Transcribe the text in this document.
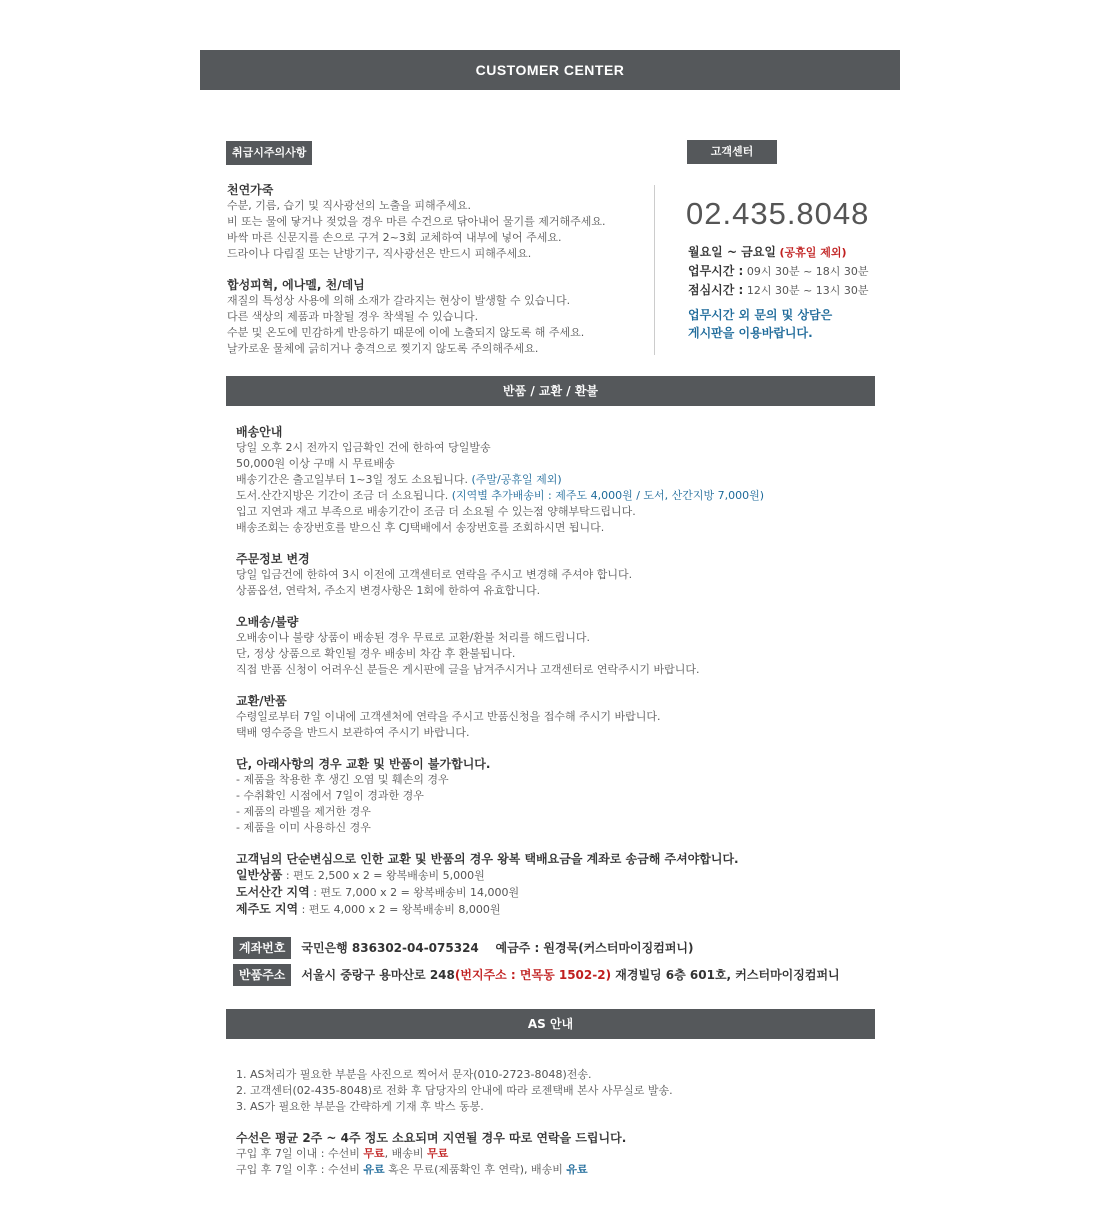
CUSTOMER CENTER
취급시주의사항

천연가죽

수분, 기름, 습기 및 직사광선의 노출을 피해주세요.

비 또는 물에 닿거나 젖었을 경우 마른 수건으로 닦아내어 물기를 제거해주세요.

바싹 마른 신문지를 손으로 구겨 2~3회 교체하여 내부에 넣어 주세요.

드라이나 다림질 또는 난방기구, 직사광선은 반드시 피해주세요.

합성피혁, 에나멜, 천/데님

재질의 특성상 사용에 의해 소재가 갈라지는 현상이 발생할 수 있습니다.

다른 색상의 제품과 마찰될 경우 착색될 수 있습니다.

수분 및 온도에 민감하게 반응하기 때문에 이에 노출되지 않도록 해 주세요.

날카로운 물체에 긁히거나 충격으로 찢기지 않도록 주의해주세요.

고객센터
02.435.8048
월요일 ~ 금요일 (공휴일 제외)
업무시간 : 09시 30분 ~ 18시 30분
점심시간 : 12시 30분 ~ 13시 30분
업무시간 외 문의 및 상담은
게시판을 이용바랍니다.
반품 / 교환 / 환불

배송안내

당일 오후 2시 전까지 입금확인 건에 한하여 당일발송

50,000원 이상 구매 시 무료배송

배송기간은 출고일부터 1~3일 정도 소요됩니다. (주말/공휴일 제외)

도서.산간지방은 기간이 조금 더 소요됩니다. (지역별 추가배송비 : 제주도 4,000원 / 도서, 산간지방 7,000원)

입고 지연과 재고 부족으로 배송기간이 조금 더 소요될 수 있는점 양해부탁드립니다.

배송조회는 송장번호를 받으신 후 CJ택배에서 송장번호를 조회하시면 됩니다.

주문정보 변경

당일 입금건에 한하여 3시 이전에 고객센터로 연락을 주시고 변경해 주셔야 합니다.

상품옵션, 연락처, 주소지 변경사항은 1회에 한하여 유효합니다.

오배송/불량

오배송이나 불량 상품이 배송된 경우 무료로 교환/환불 처리를 해드립니다.

단, 정상 상품으로 확인될 경우 배송비 차감 후 환불됩니다.

직접 반품 신청이 어려우신 분들은 게시판에 글을 남겨주시거나 고객센터로 연락주시기 바랍니다.

교환/반품

수령일로부터 7일 이내에 고객센처에 연락을 주시고 반품신청을 접수해 주시기 바랍니다.

택배 영수증을 반드시 보관하여 주시기 바랍니다.

단, 아래사항의 경우 교환 및 반품이 불가합니다.

- 제품을 착용한 후 생긴 오염 및 훼손의 경우

- 수취확인 시점에서 7일이 경과한 경우

- 제품의 라벨을 제거한 경우

- 제품을 이미 사용하신 경우

고객님의 단순변심으로 인한 교환 및 반품의 경우 왕복 택배요금을 계좌로 송금해 주셔야합니다.

일반상품 : 편도 2,500 x 2 = 왕복배송비 5,000원

도서산간 지역 : 편도 7,000 x 2 = 왕복배송비 14,000원

제주도 지역 : 편도 4,000 x 2 = 왕복배송비 8,000원

계좌번호 국민은행 836302-04-075324    예금주 : 원경묵(커스터마이징컴퍼니)
반품주소 서울시 중랑구 용마산로 248(번지주소 : 면목동 1502-2) 재경빌딩 6층 601호, 커스터마이징컴퍼니
AS 안내

1. AS처리가 필요한 부분을 사진으로 찍어서 문자(010-2723-8048)전송.

2. 고객센터(02-435-8048)로 전화 후 담당자의 안내에 따라 로젠택배 본사 사무실로 발송.

3. AS가 필요한 부분을 간략하게 기재 후 박스 동봉.

수선은 평균 2주 ~ 4주 정도 소요되며 지연될 경우 따로 연락을 드립니다.

구입 후 7일 이내 : 수선비 무료, 배송비 무료

구입 후 7일 이후 : 수선비 유료 혹은 무료(제품확인 후 연락), 배송비 유료
